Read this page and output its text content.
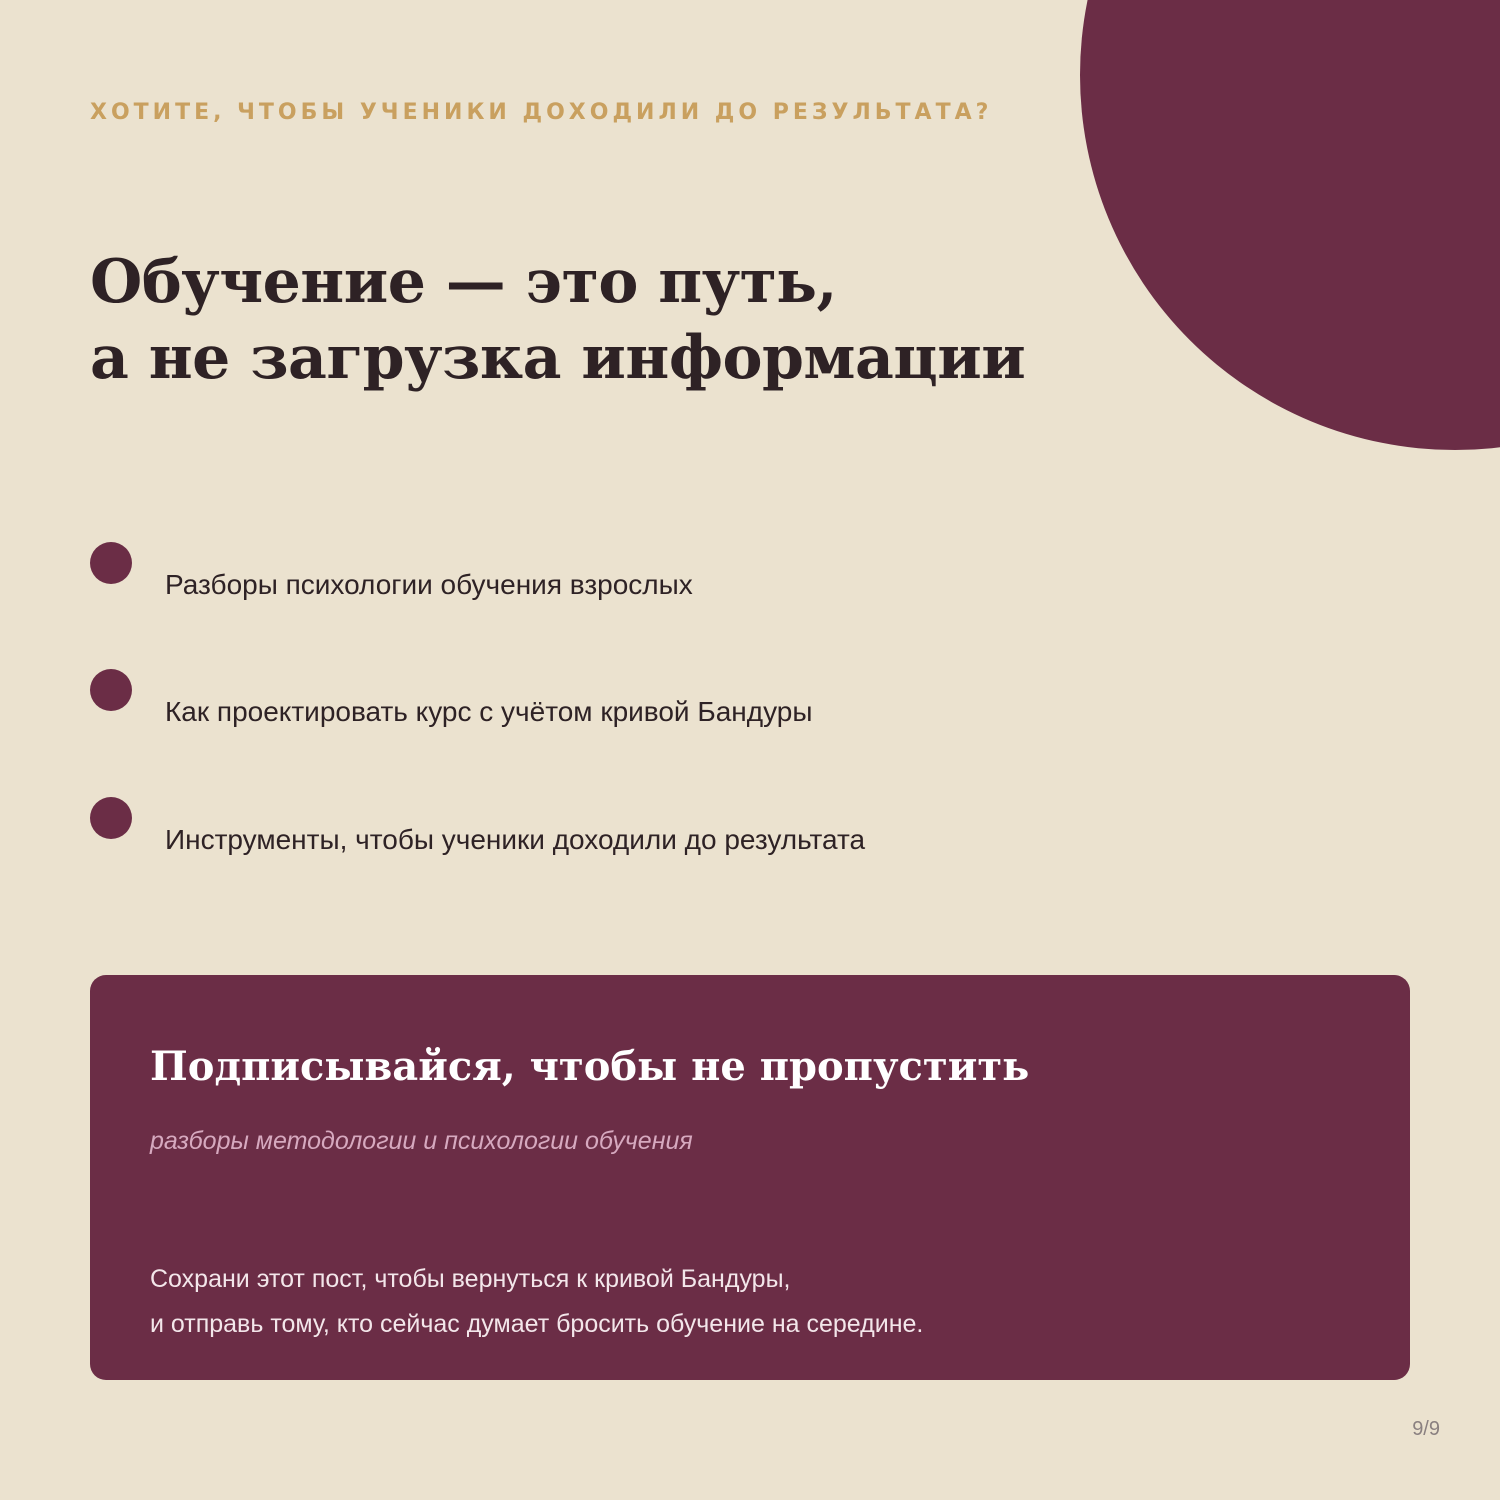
ХОТИТЕ, ЧТОБЫ УЧЕНИКИ ДОХОДИЛИ ДО РЕЗУЛЬТАТА?
Обучение — это путь,
а не загрузка информации
Разборы психологии обучения взрослых
Как проектировать курс с учётом кривой Бандуры
Инструменты, чтобы ученики доходили до результата
Подписывайся, чтобы не пропустить
разборы методологии и психологии обучения
Сохрани этот пост, чтобы вернуться к кривой Бандуры,
и отправь тому, кто сейчас думает бросить обучение на середине.
9/9
